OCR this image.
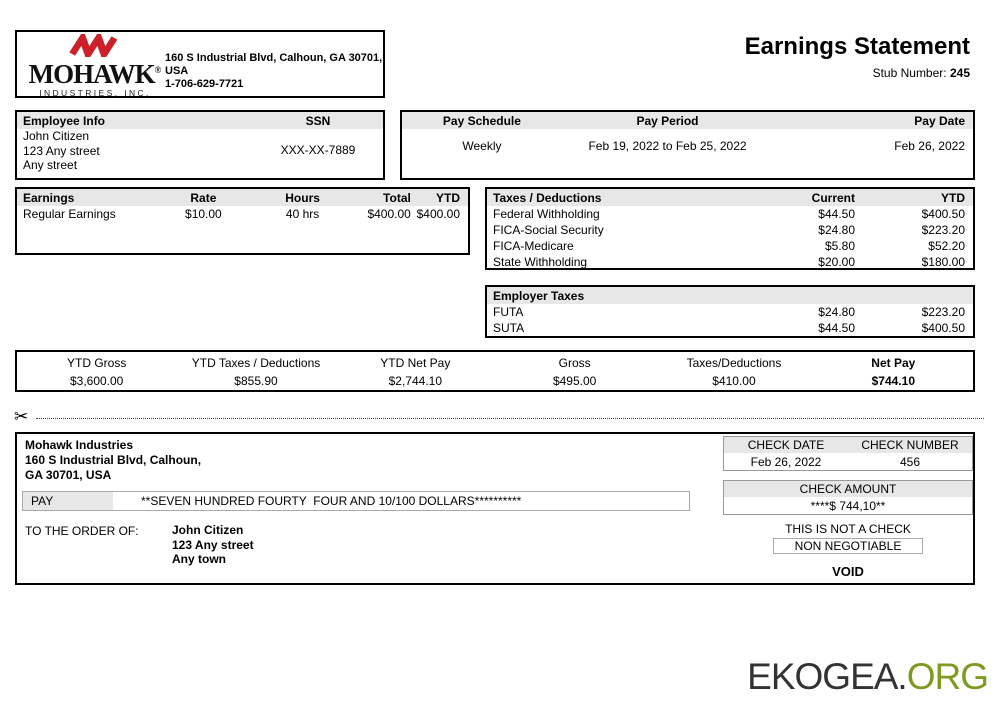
MOHAWK®
INDUSTRIES, INC.
160 S Industrial Blvd, Calhoun, GA 30701, USA
1-706-629-7721
Earnings Statement
Stub Number: 245
Employee Info	SSN
John Citizen
123 Any street
Any street
XXX-XX-7889
Pay Schedule	Pay Period	Pay Date
Weekly	Feb 19, 2022 to Feb 25, 2022	Feb 26, 2022
Earnings	Rate	Hours	Total	YTD
Regular Earnings	$10.00	40 hrs	$400.00 $400.00
Taxes / Deductions	Current	YTD
Federal Withholding	$44.50	$400.50
FICA-Social Security	$24.80	$223.20
FICA-Medicare	$5.80	$52.20
State Withholding	$20.00	$180.00
Employer Taxes
FUTA	$24.80	$223.20
SUTA	$44.50	$400.50
YTD Gross	YTD Taxes / Deductions	YTD Net Pay	Gross	Taxes/Deductions	Net Pay
$3,600.00	$855.90	$2,744.10	$495.00	$410.00	$744.10
✂
Mohawk Industries
160 S Industrial Blvd, Calhoun,
GA 30701, USA
CHECK DATE	CHECK NUMBER
Feb 26, 2022	456
CHECK AMOUNT
****$ 744,10**
PAY	**SEVEN HUNDRED FOURTY  FOUR AND 10/100 DOLLARS**********
TO THE ORDER OF:	John Citizen
123 Any street
Any town
THIS IS NOT A CHECK
NON NEGOTIABLE
VOID
EKOGEA.ORG
